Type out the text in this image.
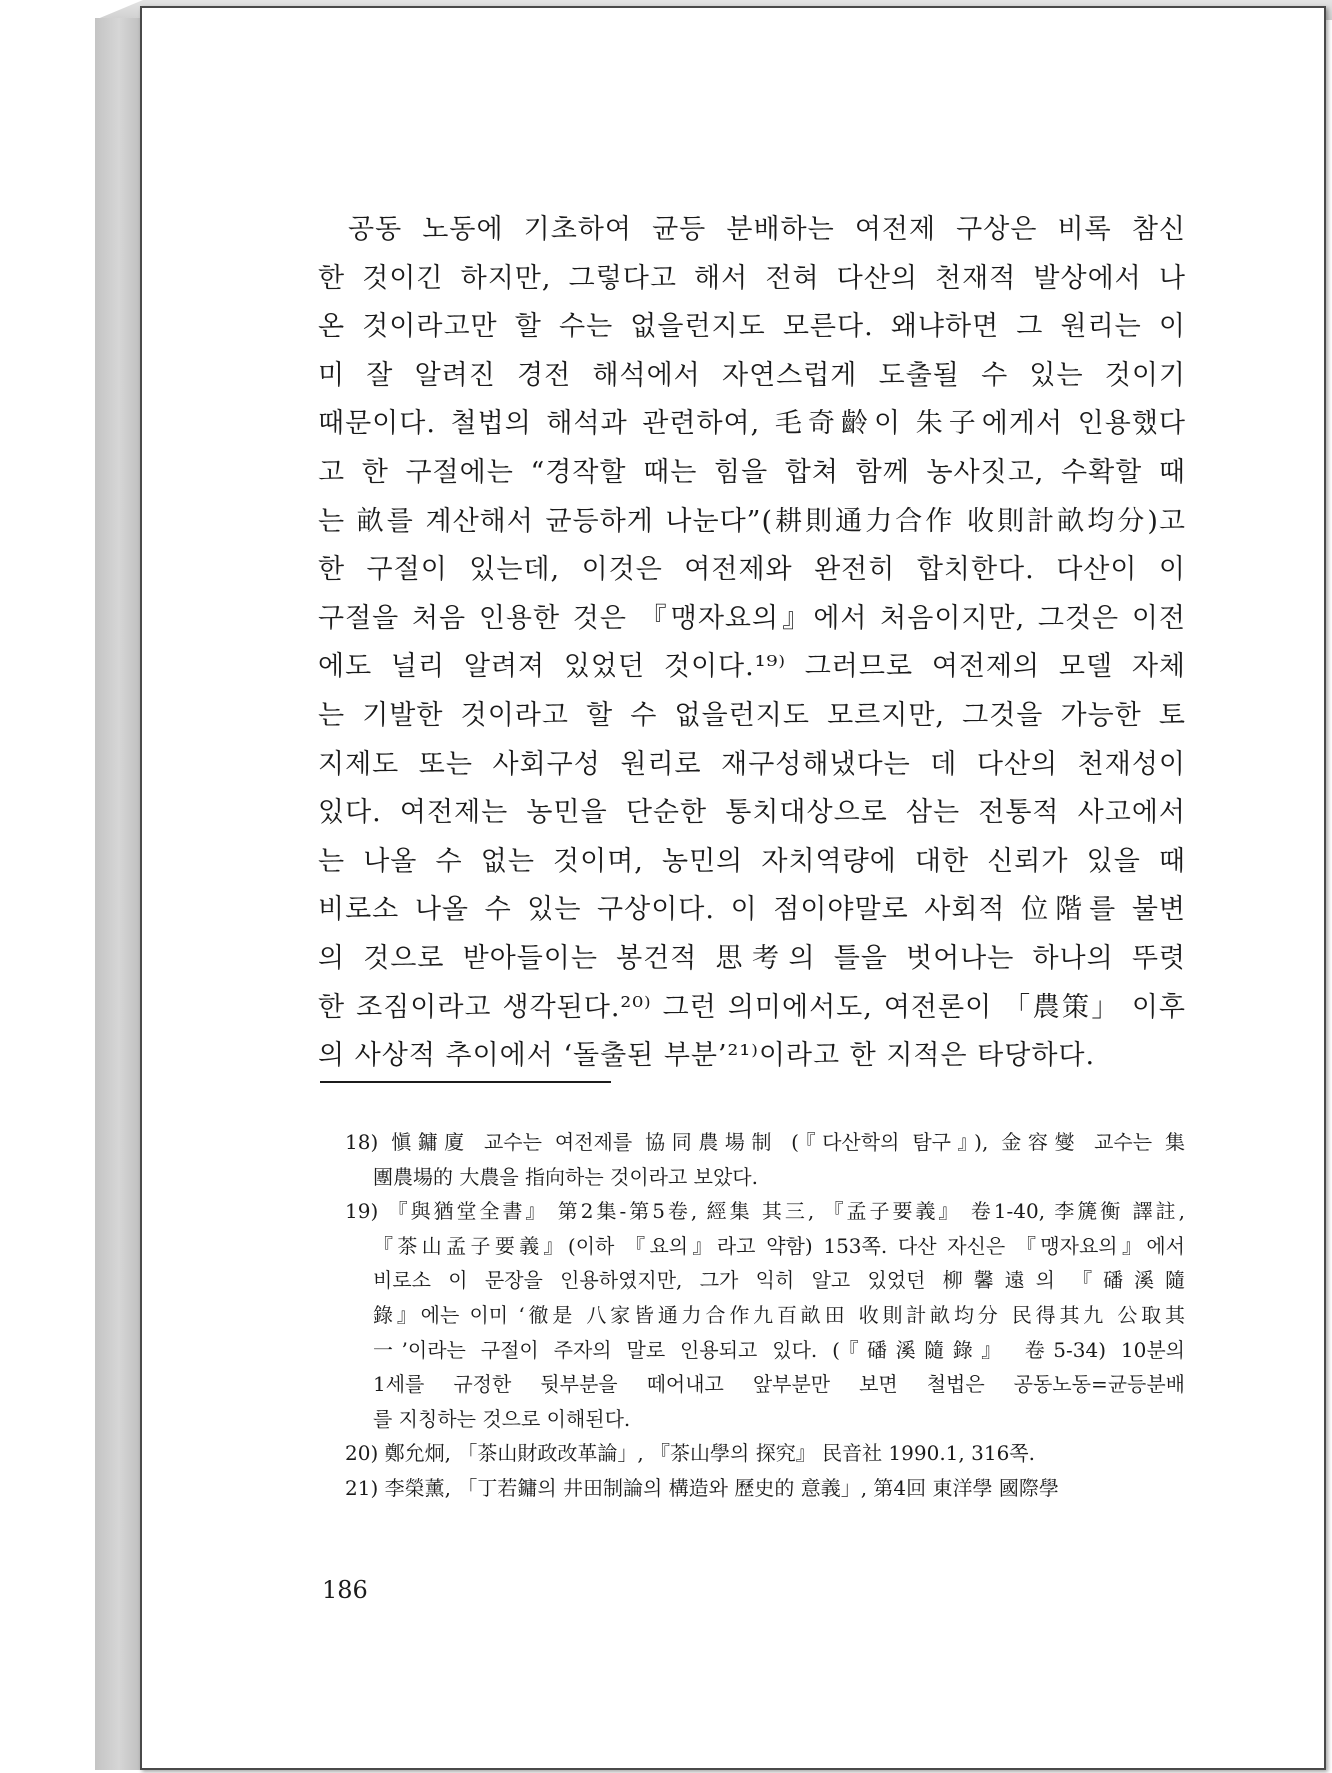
공동 노동에 기초하여 균등 분배하는 여전제 구상은 비록 참신
한 것이긴 하지만, 그렇다고 해서 전혀 다산의 천재적 발상에서 나
온 것이라고만 할 수는 없을런지도 모른다. 왜냐하면 그 원리는 이
미 잘 알려진 경전 해석에서 자연스럽게 도출될 수 있는 것이기
때문이다. 철법의 해석과 관련하여, 毛奇齡이 朱子에게서 인용했다
고 한 구절에는 “경작할 때는 힘을 합쳐 함께 농사짓고, 수확할 때
는 畝를 계산해서 균등하게 나눈다”(耕則通力合作 收則計畝均分)고
한 구절이 있는데, 이것은 여전제와 완전히 합치한다. 다산이 이
구절을 처음 인용한 것은 『맹자요의』에서 처음이지만, 그것은 이전
에도 널리 알려져 있었던 것이다.¹⁹⁾ 그러므로 여전제의 모델 자체
는 기발한 것이라고 할 수 없을런지도 모르지만, 그것을 가능한 토
지제도 또는 사회구성 원리로 재구성해냈다는 데 다산의 천재성이
있다. 여전제는 농민을 단순한 통치대상으로 삼는 전통적 사고에서
는 나올 수 없는 것이며, 농민의 자치역량에 대한 신뢰가 있을 때
비로소 나올 수 있는 구상이다. 이 점이야말로 사회적 位階를 불변
의 것으로 받아들이는 봉건적 思考의 틀을 벗어나는 하나의 뚜렷
한 조짐이라고 생각된다.²⁰⁾ 그런 의미에서도, 여전론이 「農策」 이후
의 사상적 추이에서 ‘돌출된 부분’²¹⁾이라고 한 지적은 타당하다.
18) 愼鏞廈 교수는 여전제를 協同農場制 (『다산학의 탐구』), 金容燮 교수는 集
團農場的 大農을 指向하는 것이라고 보았다.
19) 『與猶堂全書』 第2集-第5卷, 經集 其三, 『孟子要義』 卷1-40, 李篪衡 譯註,
『茶山孟子要義』(이하 『요의』라고 약함) 153쪽. 다산 자신은 『맹자요의』에서
비로소 이 문장을 인용하였지만, 그가 익히 알고 있었던 柳馨遠의 『磻溪隨
錄』에는 이미 ‘徹是 八家皆通力合作九百畝田 收則計畝均分 民得其九 公取其
一’이라는 구절이 주자의 말로 인용되고 있다. (『磻溪隨錄』 卷5-34) 10분의
1세를 규정한 뒷부분을 떼어내고 앞부분만 보면 철법은 공동노동=균등분배
를 지칭하는 것으로 이해된다.
20) 鄭允炯, 「茶山財政改革論」, 『茶山學의 探究』 民音社 1990.1, 316쪽.
21) 李榮薰, 「丁若鏞의 井田制論의 構造와 歷史的 意義」, 第4回 東洋學 國際學
186
